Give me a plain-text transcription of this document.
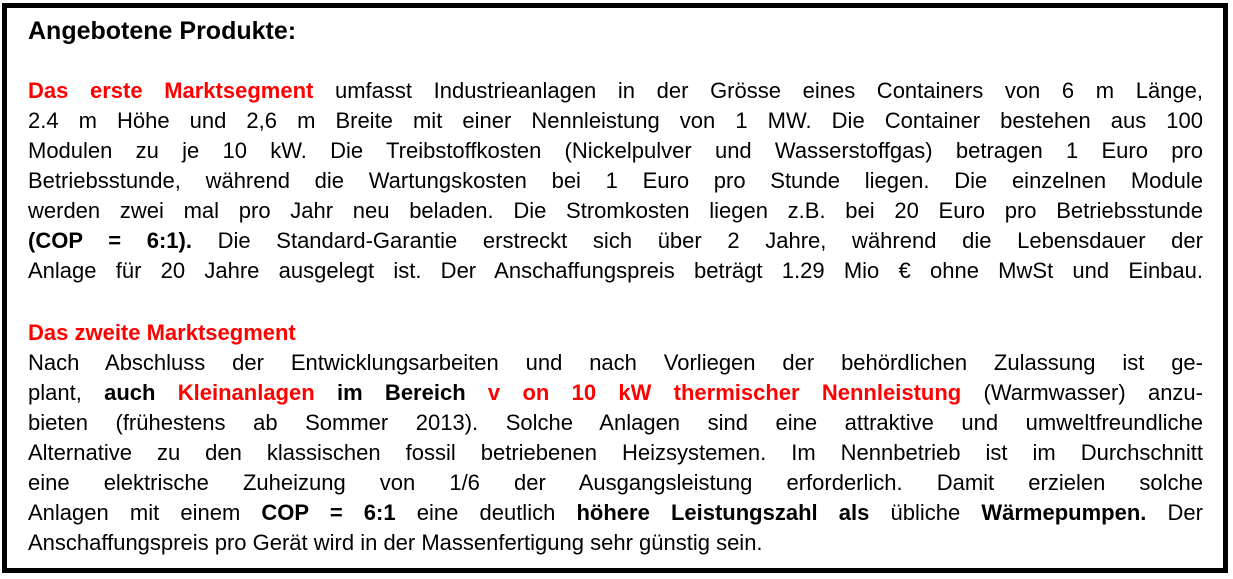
Angebotene Produkte:
Das erste Marktsegment umfasst Industrieanlagen in der Grösse eines Containers von 6 m Länge,
2.4 m Höhe und 2,6 m Breite mit einer Nennleistung von 1 MW. Die Container bestehen aus 100
Modulen zu je 10 kW. Die Treibstoffkosten (Nickelpulver und Wasserstoffgas) betragen 1 Euro pro
Betriebsstunde, während die Wartungskosten bei 1 Euro pro Stunde liegen. Die einzelnen Module
werden zwei mal pro Jahr neu beladen. Die Stromkosten liegen z.B. bei 20 Euro pro Betriebsstunde
(COP = 6:1). Die Standard-Garantie erstreckt sich über 2 Jahre, während die Lebensdauer der
Anlage für 20 Jahre ausgelegt ist. Der Anschaffungspreis beträgt 1.29 Mio € ohne MwSt und Einbau.
Das zweite Marktsegment
Nach Abschluss der Entwicklungsarbeiten und nach Vorliegen der behördlichen Zulassung ist ge-
plant, auch Kleinanlagen im Bereich v on 10 kW thermischer Nennleistung (Warmwasser) anzu-
bieten (frühestens ab Sommer 2013). Solche Anlagen sind eine attraktive und umweltfreundliche
Alternative zu den klassischen fossil betriebenen Heizsystemen. Im Nennbetrieb ist im Durchschnitt
eine elektrische Zuheizung von 1/6 der Ausgangsleistung erforderlich. Damit erzielen solche
Anlagen mit einem COP = 6:1 eine deutlich höhere Leistungszahl als übliche Wärmepumpen. Der
Anschaffungspreis pro Gerät wird in der Massenfertigung sehr günstig sein.
